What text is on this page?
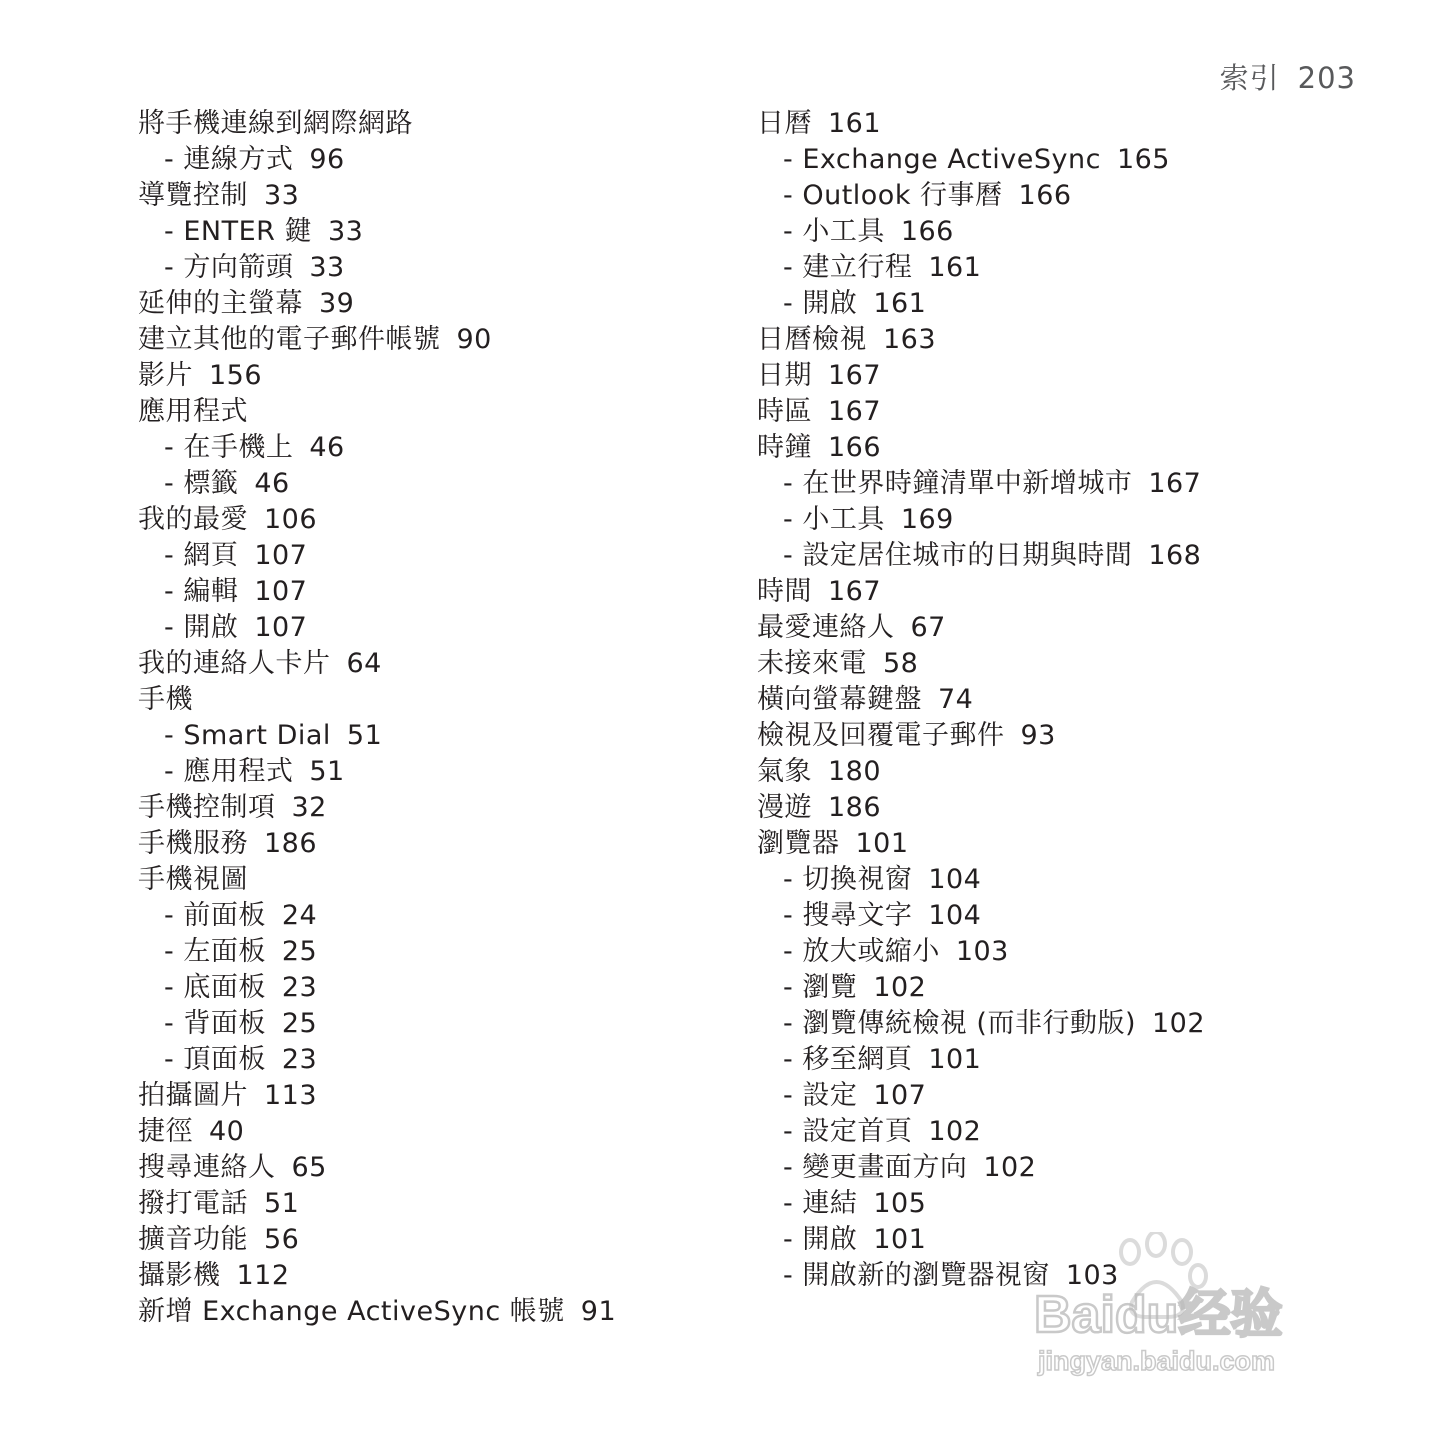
索引 203
將手機連線到網際網路
- 連線方式 96
導覽控制 33
- ENTER 鍵 33
- 方向箭頭 33
延伸的主螢幕 39
建立其他的電子郵件帳號 90
影片 156
應用程式
- 在手機上 46
- 標籤 46
我的最愛 106
- 網頁 107
- 編輯 107
- 開啟 107
我的連絡人卡片 64
手機
- Smart Dial 51
- 應用程式 51
手機控制項 32
手機服務 186
手機視圖
- 前面板 24
- 左面板 25
- 底面板 23
- 背面板 25
- 頂面板 23
拍攝圖片 113
捷徑 40
搜尋連絡人 65
撥打電話 51
擴音功能 56
攝影機 112
新增 Exchange ActiveSync 帳號 91
日曆 161
- Exchange ActiveSync 165
- Outlook 行事曆 166
- 小工具 166
- 建立行程 161
- 開啟 161
日曆檢視 163
日期 167
時區 167
時鐘 166
- 在世界時鐘清單中新增城市 167
- 小工具 169
- 設定居住城市的日期與時間 168
時間 167
最愛連絡人 67
未接來電 58
橫向螢幕鍵盤 74
檢視及回覆電子郵件 93
氣象 180
漫遊 186
瀏覽器 101
- 切換視窗 104
- 搜尋文字 104
- 放大或縮小 103
- 瀏覽 102
- 瀏覽傳統檢視 (而非行動版) 102
- 移至網頁 101
- 設定 107
- 設定首頁 102
- 變更畫面方向 102
- 連結 105
- 開啟 101
- 開啟新的瀏覽器視窗 103
Baidu经验
jingyan.baidu.com
